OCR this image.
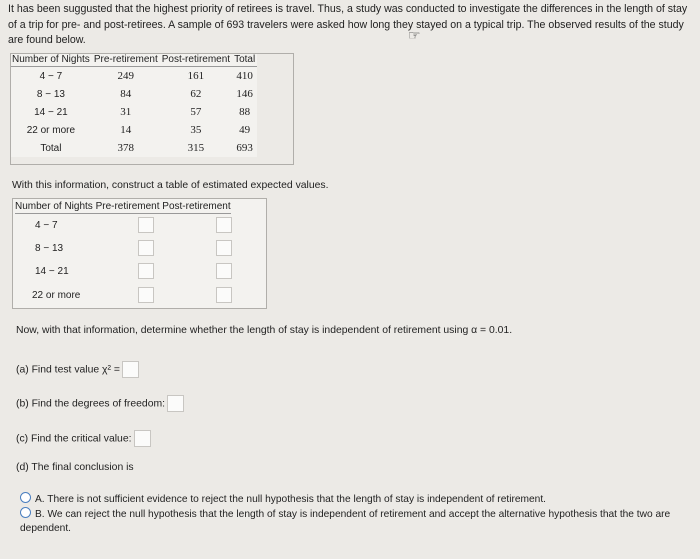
It has been suggusted that the highest priority of retirees is travel. Thus, a study was conducted to investigate the differences in the length of stay of a trip for pre- and post-retirees. A sample of 693 travelers were asked how long they stayed on a typical trip. The observed results of the study are found below.	☞
Number of Nights	Pre-retirement	Post-retirement	Total
4 − 7	249	161	410
8 − 13	84	62	146
14 − 21	31	57	88
22 or more	14	35	49
Total	378	315	693
With this information, construct a table of estimated expected values.
Number of Nights Pre-retirement Post-retirement
4 − 7
8 − 13
14 − 21
22 or more
Now, with that information, determine whether the length of stay is independent of retirement using α = 0.01.
(a) Find test value χ² =
(b) Find the degrees of freedom:
(c) Find the critical value:
(d) The final conclusion is
A. There is not sufficient evidence to reject the null hypothesis that the length of stay is independent of retirement.
B. We can reject the null hypothesis that the length of stay is independent of retirement and accept the alternative hypothesis that the two are dependent.
